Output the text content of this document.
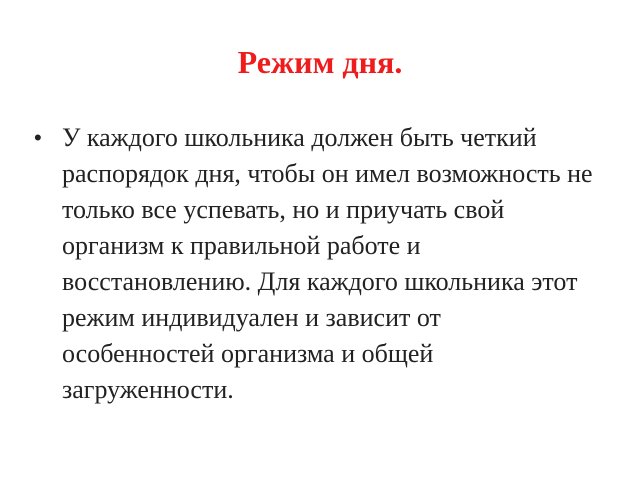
Режим дня.
• У каждого школьника должен быть четкий распорядок дня, чтобы он имел возможность не только все успевать, но и приучать свой организм к правильной работе и восстановлению. Для каждого школьника этот режим индивидуален и зависит от особенностей организма и общей загруженности.
